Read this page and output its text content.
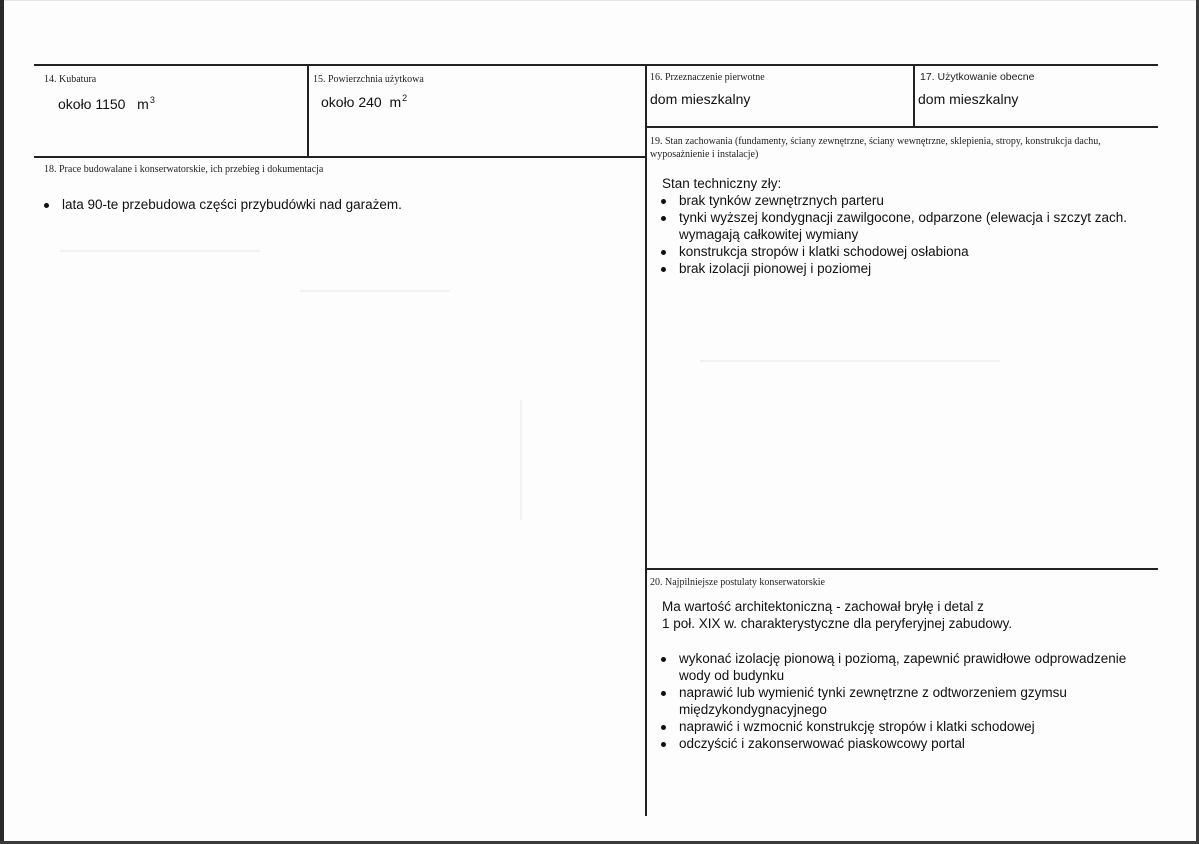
14. Kubatura
około 1150 $m^3$
15. Powierzchnia użytkowa
około 240 $m^2$
16. Przeznaczenie pierwotne
dom mieszkalny
17. Użytkowanie obecne
dom mieszkalny
18. Prace budowalane i konserwatorskie, ich przebieg i dokumentacja
lata 90-te przebudowa części przybudówki nad garażem.
19. Stan zachowania (fundamenty, ściany zewnętrzne, ściany wewnętrzne, sklepienia, stropy, konstrukcja dachu,
wyposażnienie i instalacje)
Stan techniczny zły:
brak tynków zewnętrznych parteru
tynki wyższej kondygnacji zawilgocone, odparzone (elewacja i szczyt zach. wymagają całkowitej wymiany
konstrukcja stropów i klatki schodowej osłabiona
brak izolacji pionowej i poziomej
20. Najpilniejsze postulaty konserwatorskie
Ma wartość architektoniczną - zachował bryłę i detal z
1 poł. XIX w. charakterystyczne dla peryferyjnej zabudowy.
wykonać izolację pionową i poziomą, zapewnić prawidłowe odprowadzenie wody od budynku
naprawić lub wymienić tynki zewnętrzne z odtworzeniem gzymsu międzykondygnacyjnego
naprawić i wzmocnić konstrukcję stropów i klatki schodowej
odczyścić i zakonserwować piaskowcowy portal
